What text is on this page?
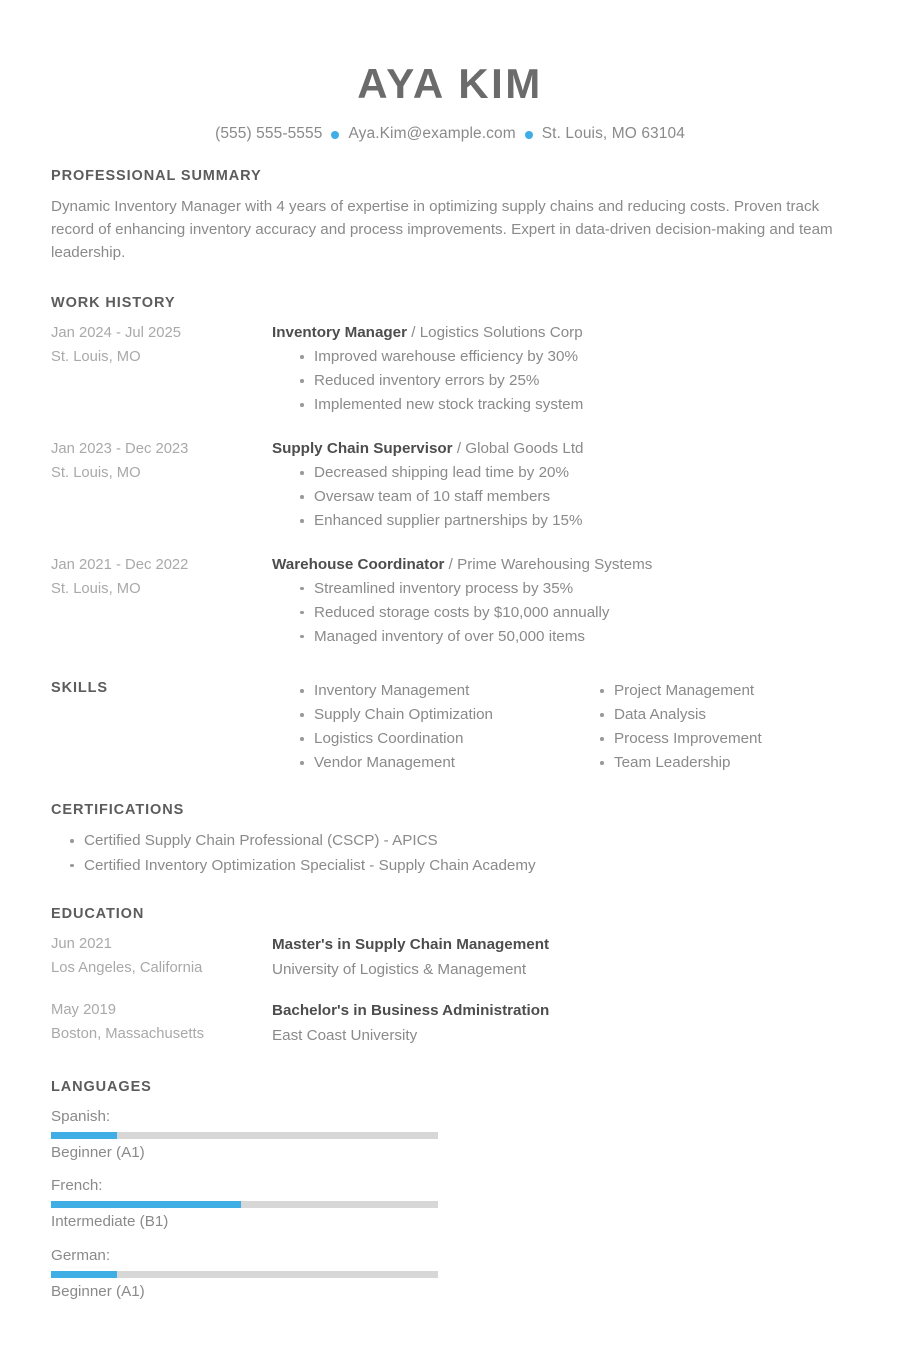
AYA KIM
(555) 555-5555 Aya.Kim@example.com St. Louis, MO 63104
PROFESSIONAL SUMMARY
Dynamic Inventory Manager with 4 years of expertise in optimizing supply chains and reducing costs. Proven track record of enhancing inventory accuracy and process improvements. Expert in data-driven decision-making and team leadership.
WORK HISTORY
Jan 2024 - Jul 2025
St. Louis, MO
Inventory Manager / Logistics Solutions Corp
Improved warehouse efficiency by 30%
Reduced inventory errors by 25%
Implemented new stock tracking system
Jan 2023 - Dec 2023
St. Louis, MO
Supply Chain Supervisor / Global Goods Ltd
Decreased shipping lead time by 20%
Oversaw team of 10 staff members
Enhanced supplier partnerships by 15%
Jan 2021 - Dec 2022
St. Louis, MO
Warehouse Coordinator / Prime Warehousing Systems
Streamlined inventory process by 35%
Reduced storage costs by $10,000 annually
Managed inventory of over 50,000 items
SKILLS	Inventory Management
Supply Chain Optimization
Logistics Coordination
Vendor Management
Project Management
Data Analysis
Process Improvement
Team Leadership
CERTIFICATIONS
Certified Supply Chain Professional (CSCP) - APICS
Certified Inventory Optimization Specialist - Supply Chain Academy
EDUCATION
Jun 2021
Los Angeles, California
Master's in Supply Chain Management
University of Logistics & Management
May 2019
Boston, Massachusetts
Bachelor's in Business Administration
East Coast University
LANGUAGES
Spanish:
Beginner (A1)
French:
Intermediate (B1)
German:
Beginner (A1)
